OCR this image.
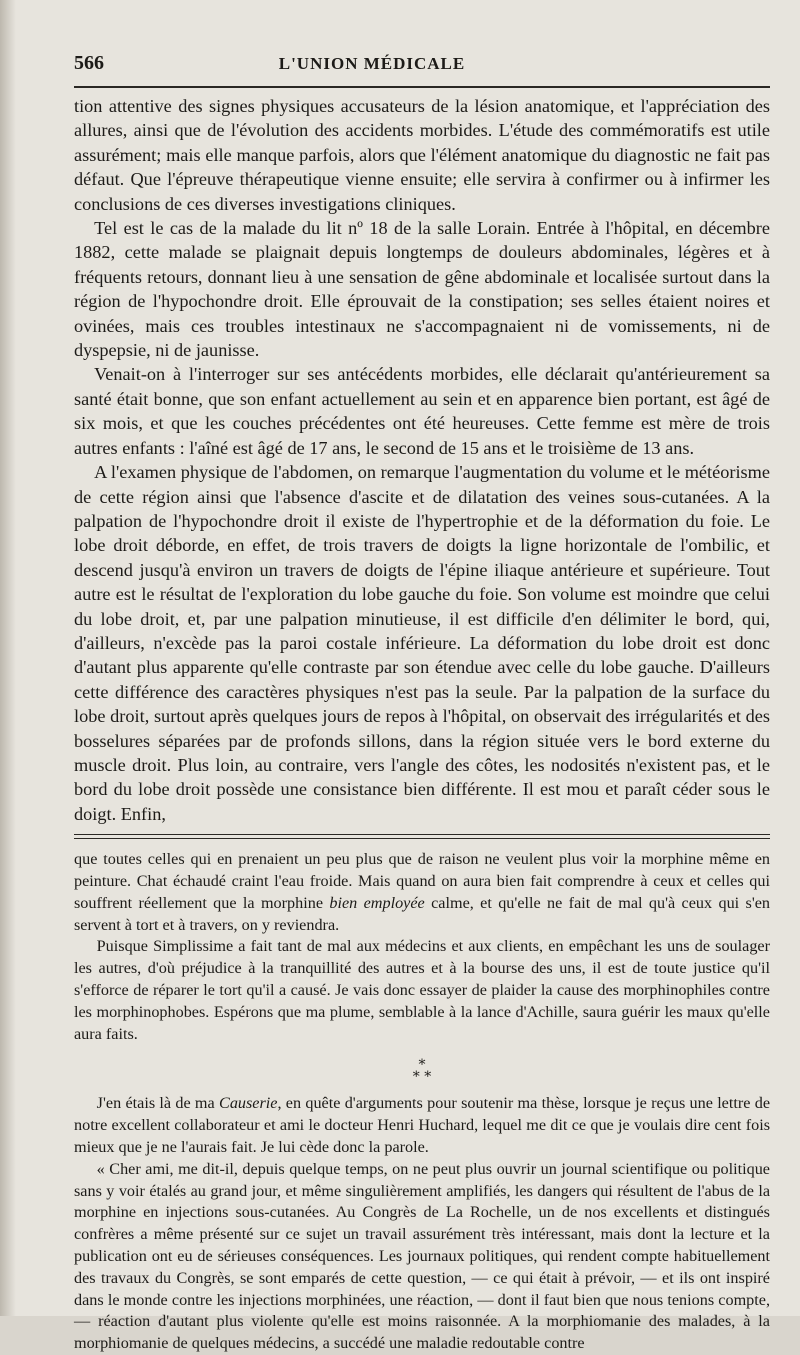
566	L'UNION MÉDICALE

tion attentive des signes physiques accusateurs de la lésion anatomique, et l'appréciation des allures, ainsi que de l'évolution des accidents morbides. L'étude des commémoratifs est utile assurément; mais elle manque parfois, alors que l'élément anatomique du diagnostic ne fait pas défaut. Que l'épreuve thérapeutique vienne ensuite; elle servira à confirmer ou à infirmer les conclusions de ces diverses investigations cliniques.

Tel est le cas de la malade du lit nº 18 de la salle Lorain. Entrée à l'hôpital, en décembre 1882, cette malade se plaignait depuis longtemps de douleurs abdominales, légères et à fréquents retours, donnant lieu à une sensation de gêne abdominale et localisée surtout dans la région de l'hypochondre droit. Elle éprouvait de la constipation; ses selles étaient noires et ovinées, mais ces troubles intestinaux ne s'accompagnaient ni de vomissements, ni de dyspepsie, ni de jaunisse.

Venait-on à l'interroger sur ses antécédents morbides, elle déclarait qu'antérieurement sa santé était bonne, que son enfant actuellement au sein et en apparence bien portant, est âgé de six mois, et que les couches précédentes ont été heureuses. Cette femme est mère de trois autres enfants : l'aîné est âgé de 17 ans, le second de 15 ans et le troisième de 13 ans.

A l'examen physique de l'abdomen, on remarque l'augmentation du volume et le météorisme de cette région ainsi que l'absence d'ascite et de dilatation des veines sous-cutanées. A la palpation de l'hypochondre droit il existe de l'hypertrophie et de la déformation du foie. Le lobe droit déborde, en effet, de trois travers de doigts la ligne horizontale de l'ombilic, et descend jusqu'à environ un travers de doigts de l'épine iliaque antérieure et supérieure. Tout autre est le résultat de l'exploration du lobe gauche du foie. Son volume est moindre que celui du lobe droit, et, par une palpation minutieuse, il est difficile d'en délimiter le bord, qui, d'ailleurs, n'excède pas la paroi costale inférieure. La déformation du lobe droit est donc d'autant plus apparente qu'elle contraste par son étendue avec celle du lobe gauche. D'ailleurs cette différence des caractères physiques n'est pas la seule. Par la palpation de la surface du lobe droit, surtout après quelques jours de repos à l'hôpital, on observait des irrégularités et des bosselures séparées par de profonds sillons, dans la région située vers le bord externe du muscle droit. Plus loin, au contraire, vers l'angle des côtes, les nodosités n'existent pas, et le bord du lobe droit possède une consistance bien différente. Il est mou et paraît céder sous le doigt. Enfin,

que toutes celles qui en prenaient un peu plus que de raison ne veulent plus voir la morphine même en peinture. Chat échaudé craint l'eau froide. Mais quand on aura bien fait comprendre à ceux et celles qui souffrent réellement que la morphine bien employée calme, et qu'elle ne fait de mal qu'à ceux qui s'en servent à tort et à travers, on y reviendra.

Puisque Simplissime a fait tant de mal aux médecins et aux clients, en empêchant les uns de soulager les autres, d'où préjudice à la tranquillité des autres et à la bourse des uns, il est de toute justice qu'il s'efforce de réparer le tort qu'il a causé. Je vais donc essayer de plaider la cause des morphinophiles contre les morphinophobes. Espérons que ma plume, semblable à la lance d'Achille, saura guérir les maux qu'elle aura faits.

*
* *

J'en étais là de ma Causerie, en quête d'arguments pour soutenir ma thèse, lorsque je reçus une lettre de notre excellent collaborateur et ami le docteur Henri Huchard, lequel me dit ce que je voulais dire cent fois mieux que je ne l'aurais fait. Je lui cède donc la parole.

« Cher ami, me dit-il, depuis quelque temps, on ne peut plus ouvrir un journal scientifique ou politique sans y voir étalés au grand jour, et même singulièrement amplifiés, les dangers qui résultent de l'abus de la morphine en injections sous-cutanées. Au Congrès de La Rochelle, un de nos excellents et distingués confrères a même présenté sur ce sujet un travail assurément très intéressant, mais dont la lecture et la publication ont eu de sérieuses conséquences. Les journaux politiques, qui rendent compte habituellement des travaux du Congrès, se sont emparés de cette question, — ce qui était à prévoir, — et ils ont inspiré dans le monde contre les injections morphinées, une réaction, — dont il faut bien que nous tenions compte, — réaction d'autant plus violente qu'elle est moins raisonnée. A la morphiomanie des malades, à la morphiomanie de quelques médecins, a succédé une maladie redoutable contre
